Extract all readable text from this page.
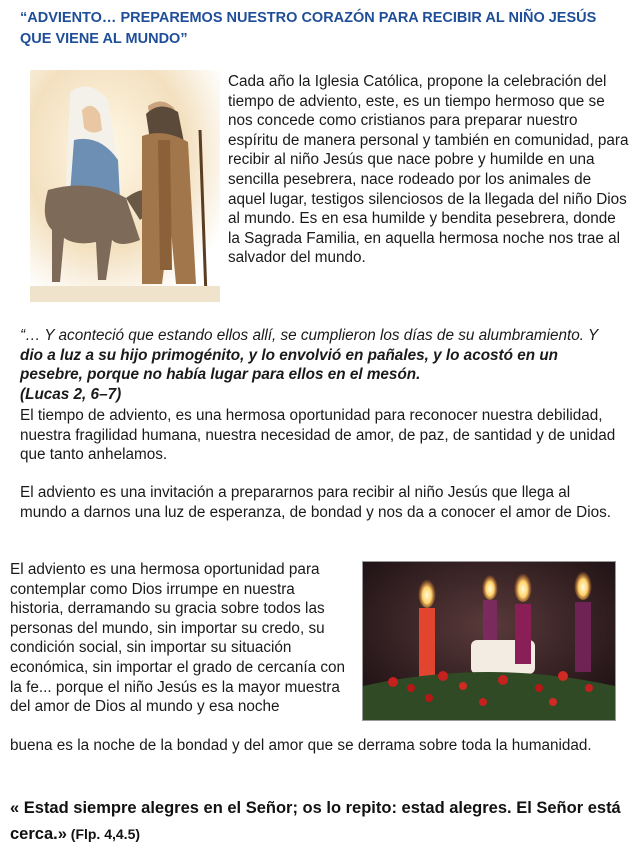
“ADVIENTO… PREPAREMOS NUESTRO CORAZÓN PARA RECIBIR AL NIÑO JESÚS QUE VIENE AL MUNDO”
Cada año la Iglesia Católica, propone la celebración del tiempo de adviento, este, es un tiempo hermoso que se nos concede como cristianos para preparar nuestro espíritu de manera personal y también en comunidad, para recibir al niño Jesús que nace pobre y humilde en una sencilla pesebrera, nace rodeado por los animales de aquel lugar, testigos silenciosos de la llegada del niño Dios al mundo. Es en esa humilde y bendita pesebrera, donde la Sagrada Familia, en aquella hermosa noche nos trae al salvador del mundo.
“… Y aconteció que estando ellos allí, se cumplieron los días de su alumbramiento. Y dio a luz a su hijo primogénito, y lo envolvió en pañales, y lo acostó en un pesebre, porque no había lugar para ellos en el mesón.
(Lucas 2, 6–7)
El tiempo de adviento, es una hermosa oportunidad para reconocer nuestra debilidad, nuestra fragilidad humana, nuestra necesidad de amor, de paz, de santidad y de unidad que tanto anhelamos.
El adviento es una invitación a prepararnos para recibir al niño Jesús que llega al mundo a darnos una luz de esperanza, de bondad y nos da a conocer el amor de Dios.
El adviento es una hermosa oportunidad para contemplar como Dios irrumpe en nuestra historia, derramando su gracia sobre todos las personas del mundo, sin importar su credo, su condición social, sin importar su situación económica, sin importar el grado de cercanía con la fe... porque el niño Jesús es la mayor muestra del amor de Dios al mundo y esa noche
buena es la noche de la bondad y del amor que se derrama sobre toda la humanidad.
« Estad siempre alegres en el Señor; os lo repito: estad alegres. El Señor está cerca.» (Flp. 4,4.5)
